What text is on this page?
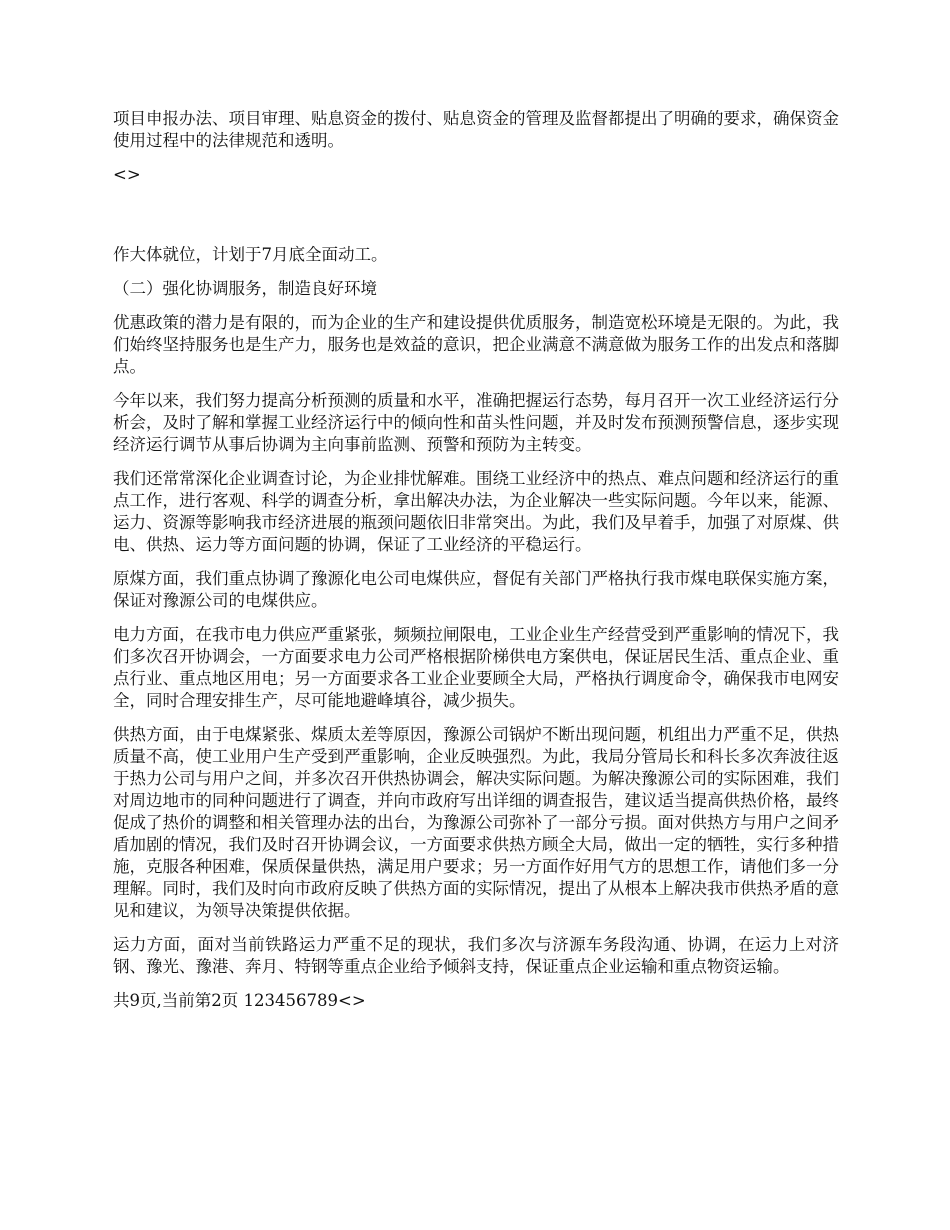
项目申报办法、项目审理、贴息资金的拨付、贴息资金的管理及监督都提出了明确的要求，确保资金使用过程中的法律规范和透明。

<>

作大体就位，计划于7月底全面动工。

（二）强化协调服务，制造良好环境

优惠政策的潜力是有限的，而为企业的生产和建设提供优质服务，制造宽松环境是无限的。为此，我们始终坚持服务也是生产力，服务也是效益的意识，把企业满意不满意做为服务工作的出发点和落脚点。

今年以来，我们努力提高分析预测的质量和水平，准确把握运行态势，每月召开一次工业经济运行分析会，及时了解和掌握工业经济运行中的倾向性和苗头性问题，并及时发布预测预警信息，逐步实现经济运行调节从事后协调为主向事前监测、预警和预防为主转变。

我们还常常深化企业调查讨论，为企业排忧解难。围绕工业经济中的热点、难点问题和经济运行的重点工作，进行客观、科学的调查分析，拿出解决办法，为企业解决一些实际问题。今年以来，能源、运力、资源等影响我市经济进展的瓶颈问题依旧非常突出。为此，我们及早着手，加强了对原煤、供电、供热、运力等方面问题的协调，保证了工业经济的平稳运行。

原煤方面，我们重点协调了豫源化电公司电煤供应，督促有关部门严格执行我市煤电联保实施方案，保证对豫源公司的电煤供应。

电力方面，在我市电力供应严重紧张，频频拉闸限电，工业企业生产经营受到严重影响的情况下，我们多次召开协调会，一方面要求电力公司严格根据阶梯供电方案供电，保证居民生活、重点企业、重点行业、重点地区用电；另一方面要求各工业企业要顾全大局，严格执行调度命令，确保我市电网安全，同时合理安排生产，尽可能地避峰填谷，减少损失。

供热方面，由于电煤紧张、煤质太差等原因，豫源公司锅炉不断出现问题，机组出力严重不足，供热质量不高，使工业用户生产受到严重影响，企业反映强烈。为此，我局分管局长和科长多次奔波往返于热力公司与用户之间，并多次召开供热协调会，解决实际问题。为解决豫源公司的实际困难，我们对周边地市的同种问题进行了调查，并向市政府写出详细的调查报告，建议适当提高供热价格，最终促成了热价的调整和相关管理办法的出台，为豫源公司弥补了一部分亏损。面对供热方与用户之间矛盾加剧的情况，我们及时召开协调会议，一方面要求供热方顾全大局，做出一定的牺牲，实行多种措施，克服各种困难，保质保量供热，满足用户要求；另一方面作好用气方的思想工作，请他们多一分理解。同时，我们及时向市政府反映了供热方面的实际情况，提出了从根本上解决我市供热矛盾的意见和建议，为领导决策提供依据。

运力方面，面对当前铁路运力严重不足的现状，我们多次与济源车务段沟通、协调，在运力上对济钢、豫光、豫港、奔月、特钢等重点企业给予倾斜支持，保证重点企业运输和重点物资运输。

共9页,当前第2页 123456789<>
